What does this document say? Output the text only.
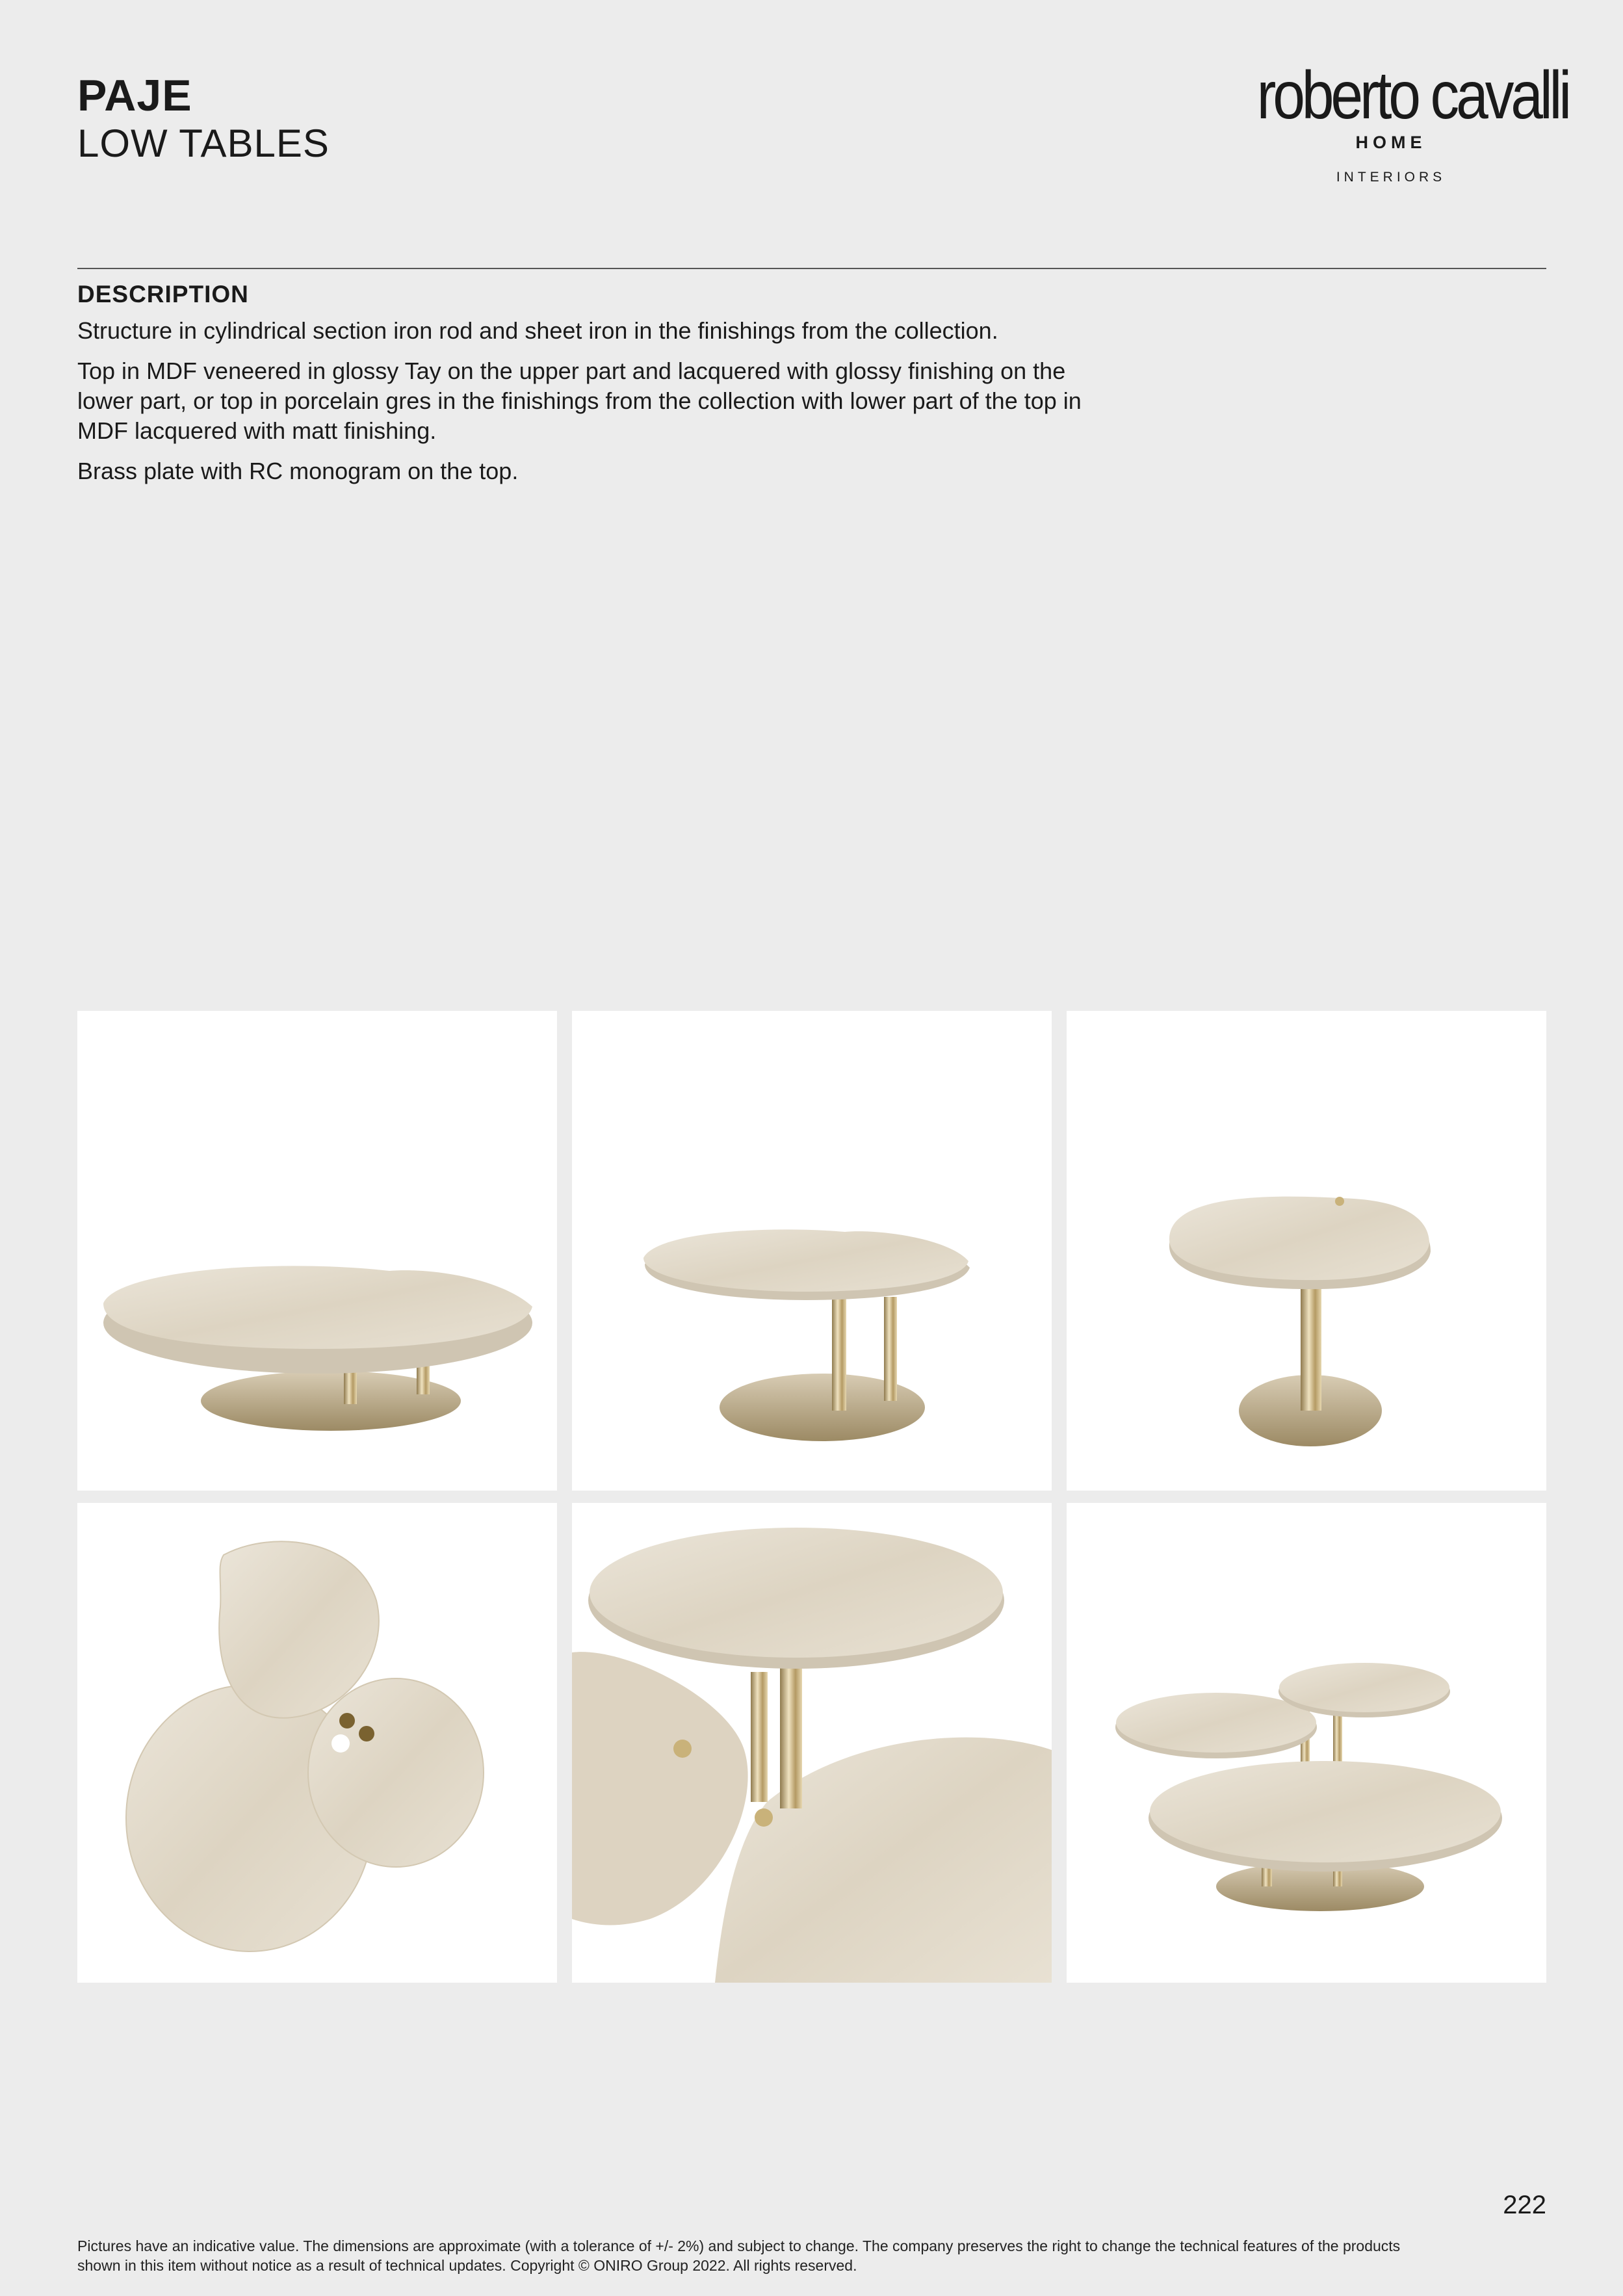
PAJE
LOW TABLES
roberto cavalli
HOME
INTERIORS
DESCRIPTION

Structure in cylindrical section iron rod and sheet iron in the finishings from the collection.

Top in MDF veneered in glossy Tay on the upper part and lacquered with glossy finishing on the lower part, or top in porcelain gres in the finishings from the collection with lower part of the top in MDF lacquered with matt finishing.

Brass plate with RC monogram on the top.

222
Pictures have an indicative value. The dimensions are approximate (with a tolerance of +/- 2%) and subject to change. The company preserves the right to change the technical features of the products shown in this item without notice as a result of technical updates. Copyright © ONIRO Group 2022. All rights reserved.
